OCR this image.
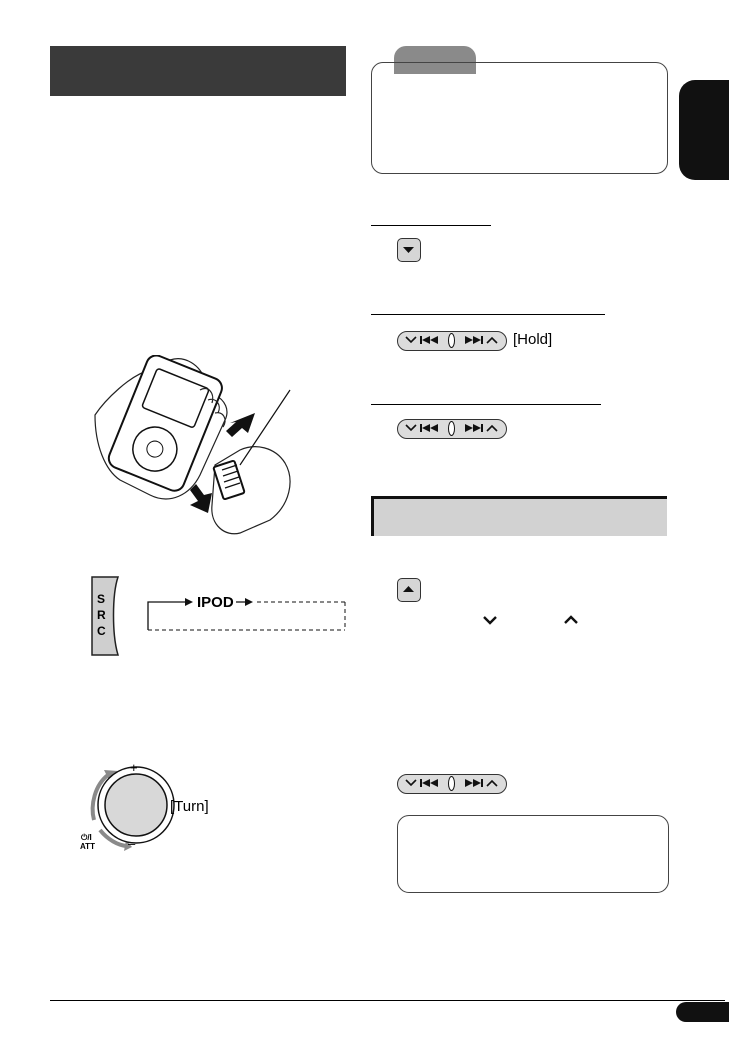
[Hold]
S
R
C
IPOD
+
–
⏻/I
ATT
[Turn]
